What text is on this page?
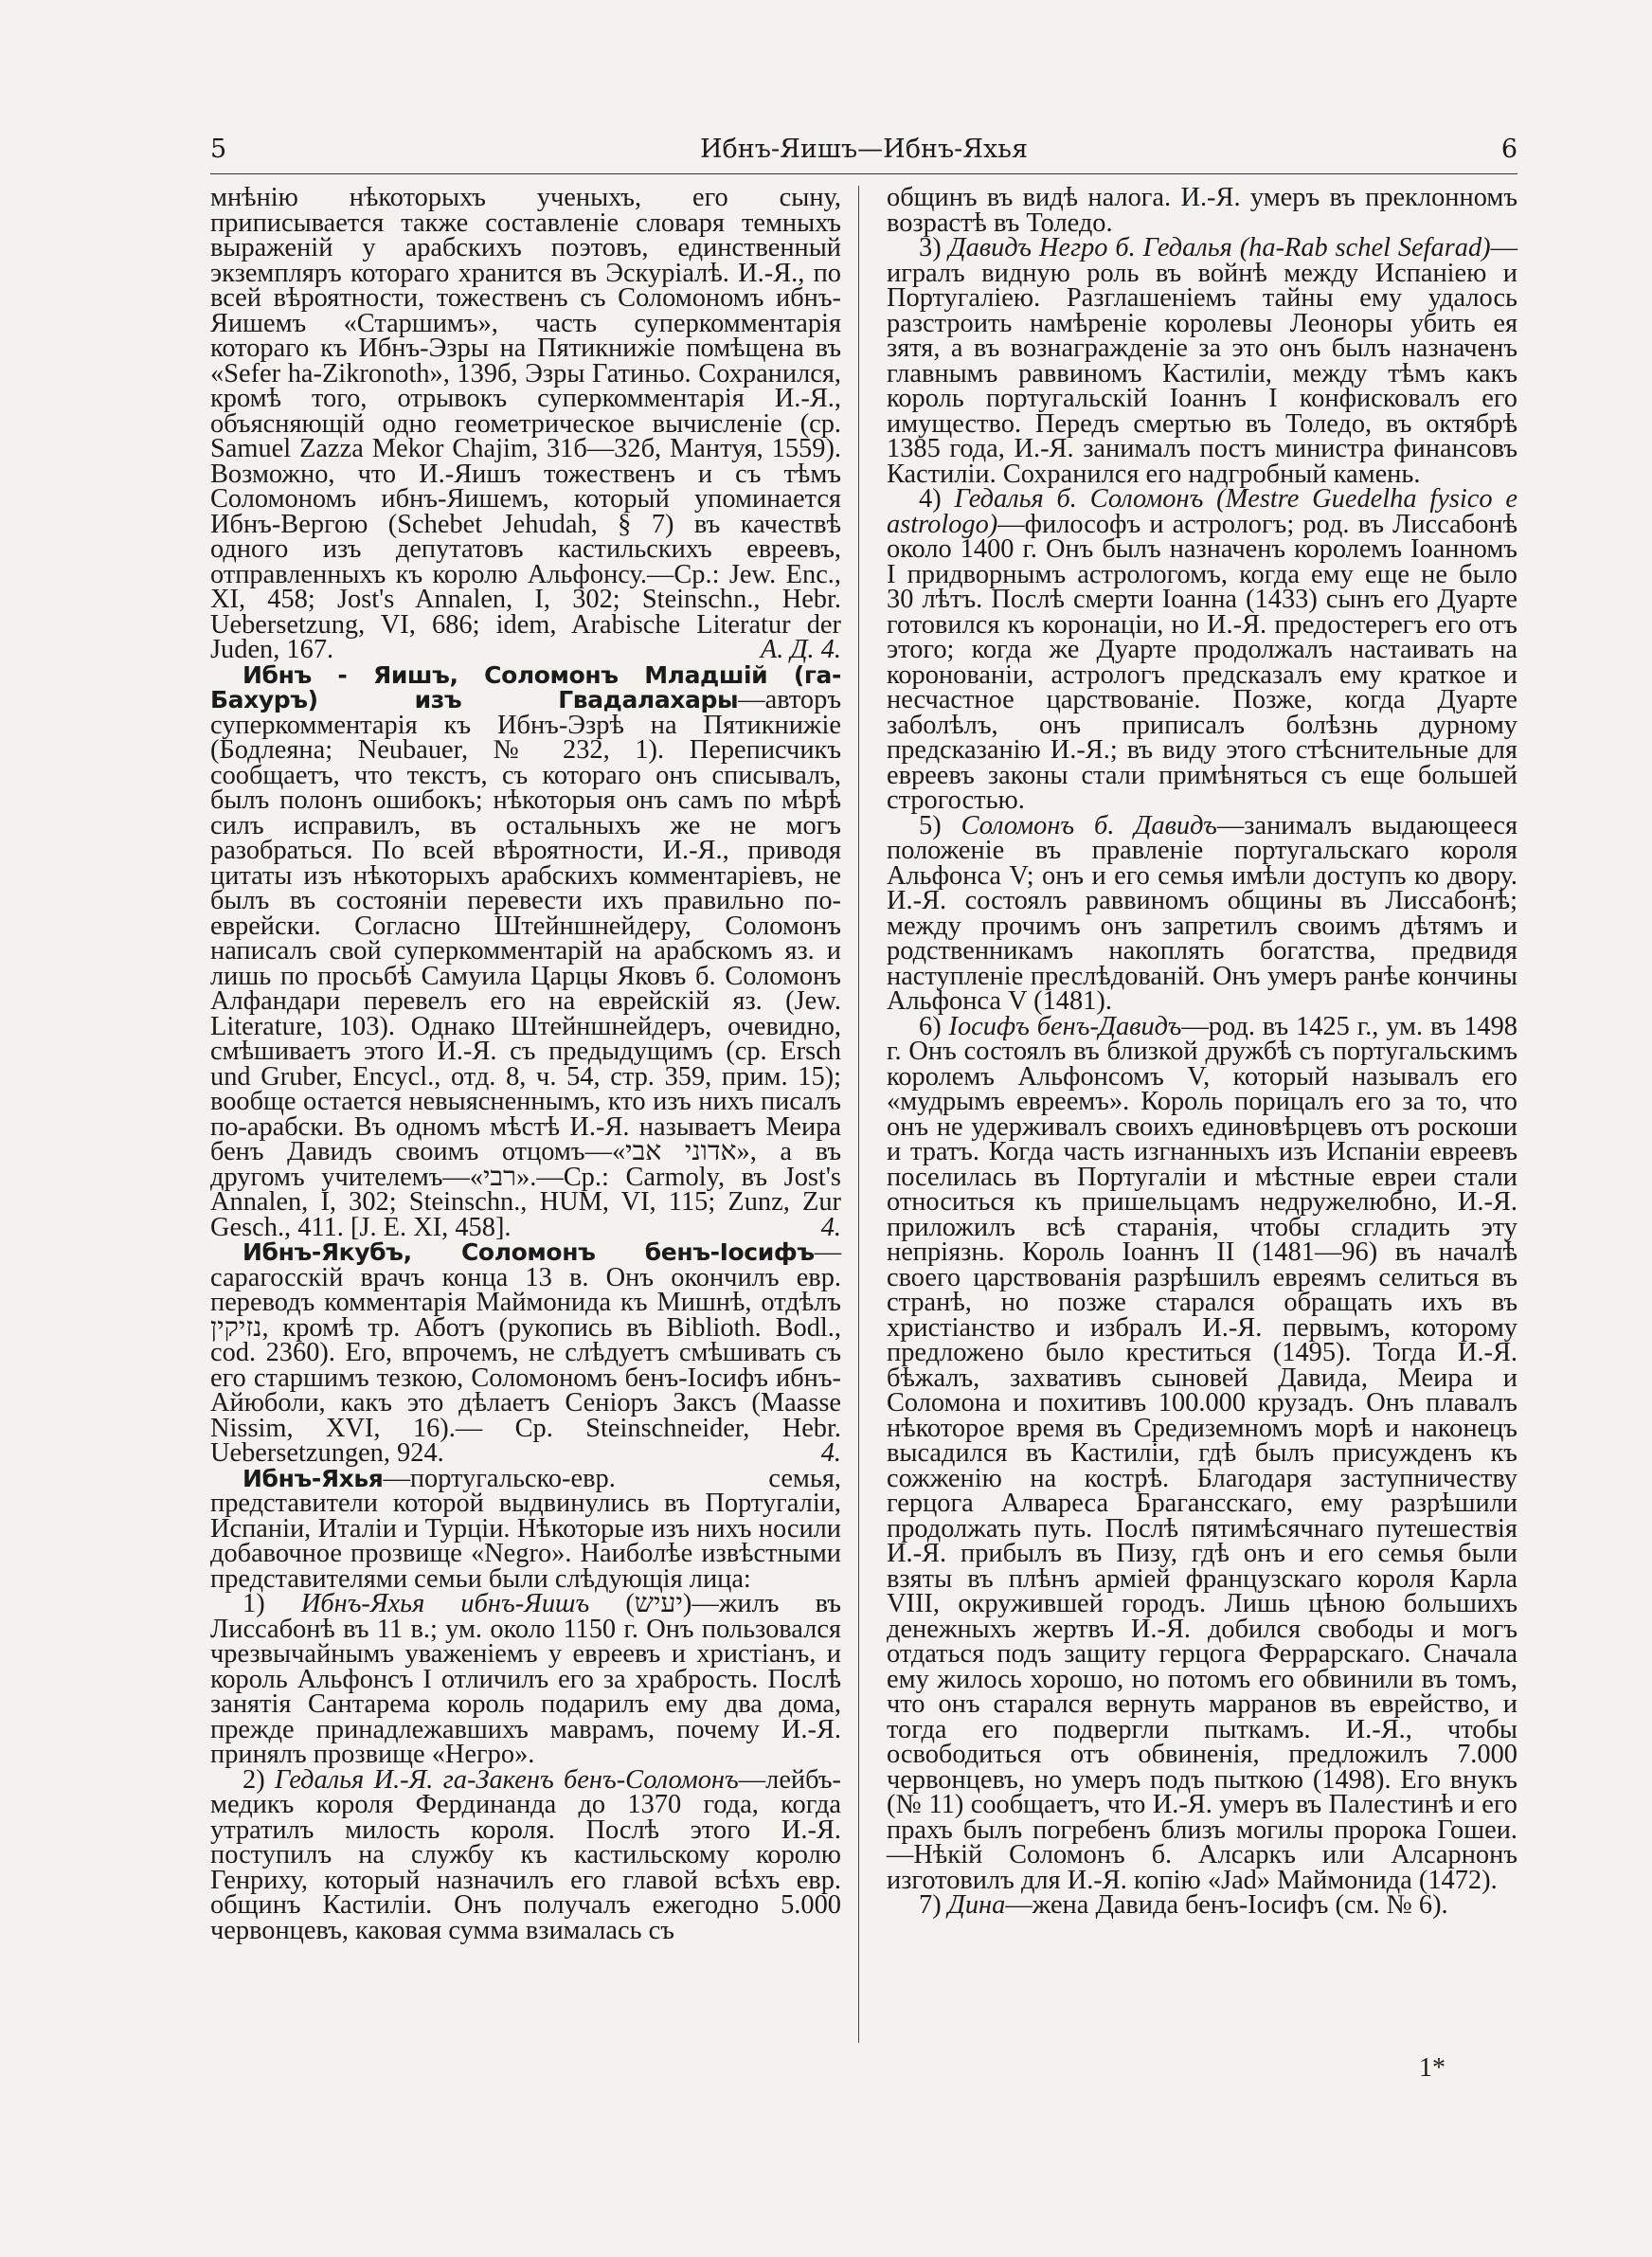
5	Ибнъ-Яишъ—Ибнъ-Яхья	6

мнѣнію нѣкоторыхъ ученыхъ, его сыну, приписывается также составленіе словаря темныхъ выраженій у арабскихъ поэтовъ, единственный экземпляръ котораго хранится въ Эскуріалѣ. И.-Я., по всей вѣроятности, тожественъ съ Соломономъ ибнъ-Яишемъ «Старшимъ», часть суперкомментарія котораго къ Ибнъ-Эзры на Пятикнижіе помѣщена въ «Sefer ha-Zikronoth», 139б, Эзры Гатиньо. Сохранился, кромѣ того, отрывокъ суперкомментарія И.-Я., объясняющій одно геометрическое вычисленіе (ср. Samuel Zazza Mekor Chajim, 31б—32б, Мантуя, 1559). Возможно, что И.-Яишъ тожественъ и съ тѣмъ Соломономъ ибнъ-Яишемъ, который упоминается Ибнъ-Вергою (Schebet Jehudah, § 7) въ качествѣ одного изъ депутатовъ кастильскихъ евреевъ, отправленныхъ къ королю Альфонсу.—Ср.: Jew. Enc., XI, 458; Jost's Annalen, I, 302; Steinschn., Hebr. Uebersetzung, VI, 686; idem, Arabische Literatur der Juden, 167.	А. Д. 4.

Ибнъ - Яишъ, Соломонъ Младшій (га-Бахуръ) изъ Гвадалахары—авторъ суперкомментарія къ Ибнъ-Эзрѣ на Пятикнижіе (Бодлеяна; Neubauer, № 232, 1). Переписчикъ сообщаетъ, что текстъ, съ котораго онъ списывалъ, былъ полонъ ошибокъ; нѣкоторыя онъ самъ по мѣрѣ силъ исправилъ, въ остальныхъ же не могъ разобраться. По всей вѣроятности, И.-Я., приводя цитаты изъ нѣкоторыхъ арабскихъ комментаріевъ, не былъ въ состояніи перевести ихъ правильно по-еврейски. Согласно Штейншнейдеру, Соломонъ написалъ свой суперкомментарій на арабскомъ яз. и лишь по просьбѣ Самуила Царцы Яковъ б. Соломонъ Алфандари перевелъ его на еврейскій яз. (Jew. Literature, 103). Однако Штейншнейдеръ, очевидно, смѣшиваетъ этого И.-Я. съ предыдущимъ (ср. Ersch und Gruber, Encycl., отд. 8, ч. 54, стр. 359, прим. 15); вообще остается невыясненнымъ, кто изъ нихъ писалъ по-арабски. Въ одномъ мѣстѣ И.-Я. называетъ Меира бенъ Давидъ своимъ отцомъ—«אדוני אבי», а въ другомъ учителемъ—«רבי».—Ср.: Carmoly, въ Jost's Annalen, I, 302; Steinschn., HUM, VI, 115; Zunz, Zur Gesch., 411. [J. E. XI, 458].	4.

Ибнъ-Якубъ, Соломонъ бенъ-Іосифъ—сарагосскій врачъ конца 13 в. Онъ окончилъ евр. переводъ комментарія Маймонида къ Мишнѣ, отдѣлъ נזיקין, кромѣ тр. Аботъ (рукопись въ Biblioth. Bodl., cod. 2360). Его, впрочемъ, не слѣдуетъ смѣшивать съ его старшимъ тезкою, Соломономъ бенъ-Іосифъ ибнъ-Айюболи, какъ это дѣлаетъ Сеніоръ Заксъ (Maasse Nissim, XVI, 16).— Ср. Steinschneider, Hebr. Uebersetzungen, 924.	4.

Ибнъ-Яхья—португальско-евр. семья, представители которой выдвинулись въ Португаліи, Испаніи, Италіи и Турціи. Нѣкоторые изъ нихъ носили добавочное прозвище «Negro». Наиболѣе извѣстными представителями семьи были слѣдующія лица:

1) Ибнъ-Яхья ибнъ-Яишъ (יעיש)—жилъ въ Лиссабонѣ въ 11 в.; ум. около 1150 г. Онъ пользовался чрезвычайнымъ уваженіемъ у евреевъ и христіанъ, и король Альфонсъ I отличилъ его за храбрость. Послѣ занятія Сантарема король подарилъ ему два дома, прежде принадлежавшихъ маврамъ, почему И.-Я. принялъ прозвище «Негро».

2) Гедалья И.-Я. га-Закенъ бенъ-Соломонъ—лейбъ-медикъ короля Фердинанда до 1370 года, когда утратилъ милость короля. Послѣ этого И.-Я. поступилъ на службу къ кастильскому королю Генриху, который назначилъ его главой всѣхъ евр. общинъ Кастиліи. Онъ получалъ ежегодно 5.000 червонцевъ, каковая сумма взималась съ

общинъ въ видѣ налога. И.-Я. умеръ въ преклонномъ возрастѣ въ Толедо.

3) Давидъ Негро б. Гедалья (ha-Rab schel Sefarad)—игралъ видную роль въ войнѣ между Испаніею и Португаліею. Разглашеніемъ тайны ему удалось разстроить намѣреніе королевы Леоноры убить ея зятя, а въ вознагражденіе за это онъ былъ назначенъ главнымъ раввиномъ Кастиліи, между тѣмъ какъ король португальскій Іоаннъ I конфисковалъ его имущество. Передъ смертью въ Толедо, въ октябрѣ 1385 года, И.-Я. занималъ постъ министра финансовъ Кастиліи. Сохранился его надгробный камень.

4) Гедалья б. Соломонъ (Mestre Guedelha fysico e astrologo)—философъ и астрологъ; род. въ Лиссабонѣ около 1400 г. Онъ былъ назначенъ королемъ Іоанномъ I придворнымъ астрологомъ, когда ему еще не было 30 лѣтъ. Послѣ смерти Іоанна (1433) сынъ его Дуарте готовился къ коронаціи, но И.-Я. предостерегъ его отъ этого; когда же Дуарте продолжалъ настаивать на коронованіи, астрологъ предсказалъ ему краткое и несчастное царствованіе. Позже, когда Дуарте заболѣлъ, онъ приписалъ болѣзнь дурному предсказанію И.-Я.; въ виду этого стѣснительные для евреевъ законы стали примѣняться съ еще большей строгостью.

5) Соломонъ б. Давидъ—занималъ выдающееся положеніе въ правленіе португальскаго короля Альфонса V; онъ и его семья имѣли доступъ ко двору. И.-Я. состоялъ раввиномъ общины въ Лиссабонѣ; между прочимъ онъ запретилъ своимъ дѣтямъ и родственникамъ накоплять богатства, предвидя наступленіе преслѣдованій. Онъ умеръ ранѣе кончины Альфонса V (1481).

6) Іосифъ бенъ-Давидъ—род. въ 1425 г., ум. въ 1498 г. Онъ состоялъ въ близкой дружбѣ съ португальскимъ королемъ Альфонсомъ V, который называлъ его «мудрымъ евреемъ». Король порицалъ его за то, что онъ не удерживалъ своихъ единовѣрцевъ отъ роскоши и тратъ. Когда часть изгнанныхъ изъ Испаніи евреевъ поселилась въ Португаліи и мѣстные евреи стали относиться къ пришельцамъ недружелюбно, И.-Я. приложилъ всѣ старанія, чтобы сгладить эту непріязнь. Король Іоаннъ II (1481—96) въ началѣ своего царствованія разрѣшилъ евреямъ селиться въ странѣ, но позже старался обращать ихъ въ христіанство и избралъ И.-Я. первымъ, которому предложено было креститься (1495). Тогда И.-Я. бѣжалъ, захвативъ сыновей Давида, Меира и Соломона и похитивъ 100.000 крузадъ. Онъ плавалъ нѣкоторое время въ Средиземномъ морѣ и наконецъ высадился въ Кастиліи, гдѣ былъ присужденъ къ сожженію на кострѣ. Благодаря заступничеству герцога Алвареса Брагансскаго, ему разрѣшили продолжать путь. Послѣ пятимѣсячнаго путешествія И.-Я. прибылъ въ Пизу, гдѣ онъ и его семья были взяты въ плѣнъ арміей французскаго короля Карла VIII, окружившей городъ. Лишь цѣною большихъ денежныхъ жертвъ И.-Я. добился свободы и могъ отдаться подъ защиту герцога Феррарскаго. Сначала ему жилось хорошо, но потомъ его обвинили въ томъ, что онъ старался вернуть марранов въ еврейство, и тогда его подвергли пыткамъ. И.-Я., чтобы освободиться отъ обвиненія, предложилъ 7.000 червонцевъ, но умеръ подъ пыткою (1498). Его внукъ (№ 11) сообщаетъ, что И.-Я. умеръ въ Палестинѣ и его прахъ былъ погребенъ близъ могилы пророка Гошеи.—Нѣкій Соломонъ б. Алсаркъ или Алсарнонъ изготовилъ для И.-Я. копію «Jad» Маймонида (1472).

7) Дина—жена Давида бенъ-Іосифъ (см. № 6).

1*
